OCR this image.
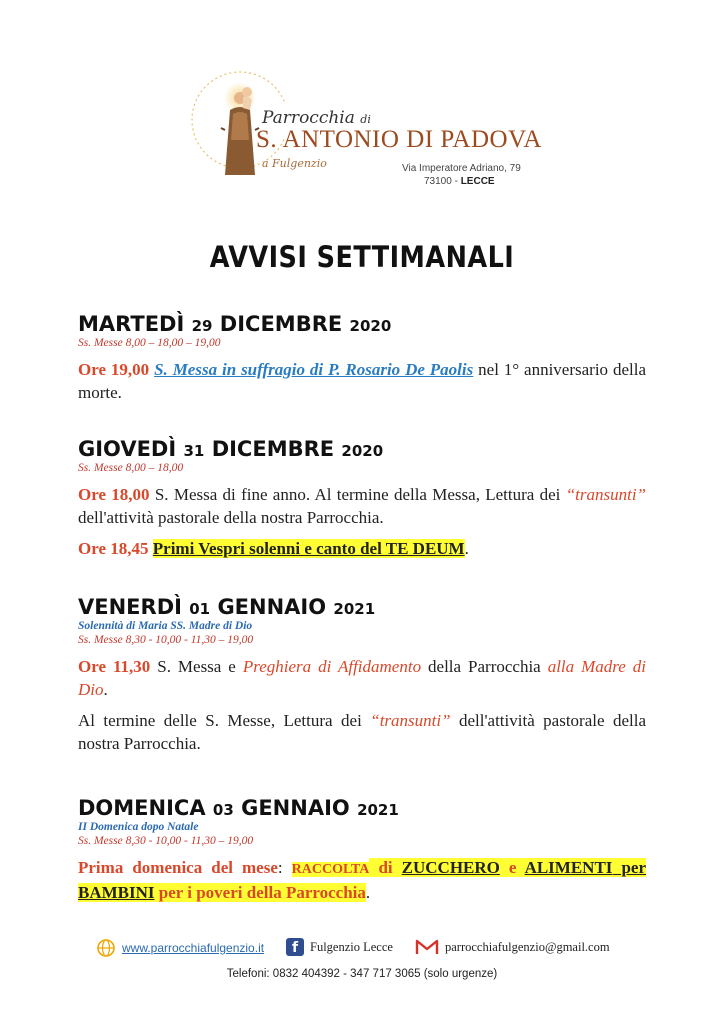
Parrocchia di
S. ANTONIO DI PADOVA
a Fulgenzio	Via Imperatore Adriano, 79
73100 - LECCE
AVVISI SETTIMANALI
MARTEDÌ 29 DICEMBRE 2020
Ss. Messe 8,00 – 18,00 – 19,00
Ore 19,00 S. Messa in suffragio di P. Rosario De Paolis nel 1° anniversario della morte.
GIOVEDÌ 31 DICEMBRE 2020
Ss. Messe 8,00 – 18,00
Ore 18,00 S. Messa di fine anno. Al termine della Messa, Lettura dei “transunti” dell'attività pastorale della nostra Parrocchia.
Ore 18,45 Primi Vespri solenni e canto del TE DEUM.
VENERDÌ 01 GENNAIO 2021
Solennità di Maria SS. Madre di Dio
Ss. Messe 8,30 - 10,00 - 11,30 – 19,00
Ore 11,30 S. Messa e Preghiera di Affidamento della Parrocchia alla Madre di Dio.
Al termine delle S. Messe, Lettura dei “transunti” dell'attività pastorale della nostra Parrocchia.
DOMENICA 03 GENNAIO 2021
II Domenica dopo Natale
Ss. Messe 8,30 - 10,00 - 11,30 – 19,00
Prima domenica del mese: RACCOLTA di ZUCCHERO e ALIMENTI per BAMBINI per i poveri della Parrocchia.
www.parrocchiafulgenzio.it	f Fulgenzio Lecce	parrocchiafulgenzio@gmail.com
Telefoni: 0832 404392 - 347 717 3065 (solo urgenze)
